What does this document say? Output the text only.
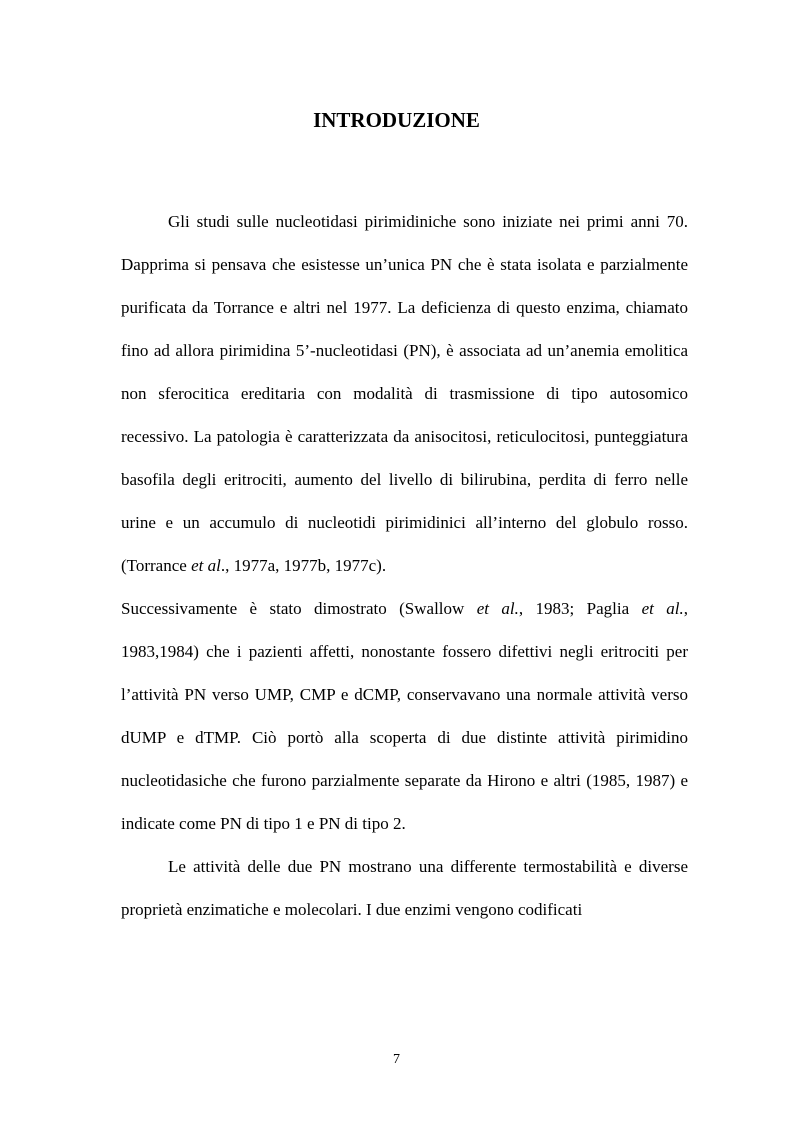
INTRODUZIONE

Gli studi sulle nucleotidasi pirimidiniche sono iniziate nei primi anni 70. Dapprima si pensava che esistesse un’unica PN che è stata isolata e parzialmente purificata da Torrance e altri nel 1977. La deficienza di questo enzima, chiamato fino ad allora pirimidina 5’-nucleotidasi (PN), è associata ad un’anemia emolitica non sferocitica ereditaria con modalità di trasmissione di tipo autosomico recessivo. La patologia è caratterizzata da anisocitosi, reticulocitosi, punteggiatura basofila degli eritrociti, aumento del livello di bilirubina, perdita di ferro nelle urine e un accumulo di nucleotidi pirimidinici all’interno del globulo rosso. (Torrance et al., 1977a, 1977b, 1977c).

Successivamente è stato dimostrato (Swallow et al., 1983; Paglia et al., 1983,1984) che i pazienti affetti, nonostante fossero difettivi negli eritrociti per l’attività PN verso UMP, CMP e dCMP, conservavano una normale attività verso dUMP e dTMP. Ciò portò alla scoperta di due distinte attività pirimidino nucleotidasiche che furono parzialmente separate da Hirono e altri (1985, 1987) e indicate come PN di tipo 1 e PN di tipo 2.

Le attività delle due PN mostrano una differente termostabilità e diverse proprietà enzimatiche e molecolari. I due enzimi vengono codificati

7
